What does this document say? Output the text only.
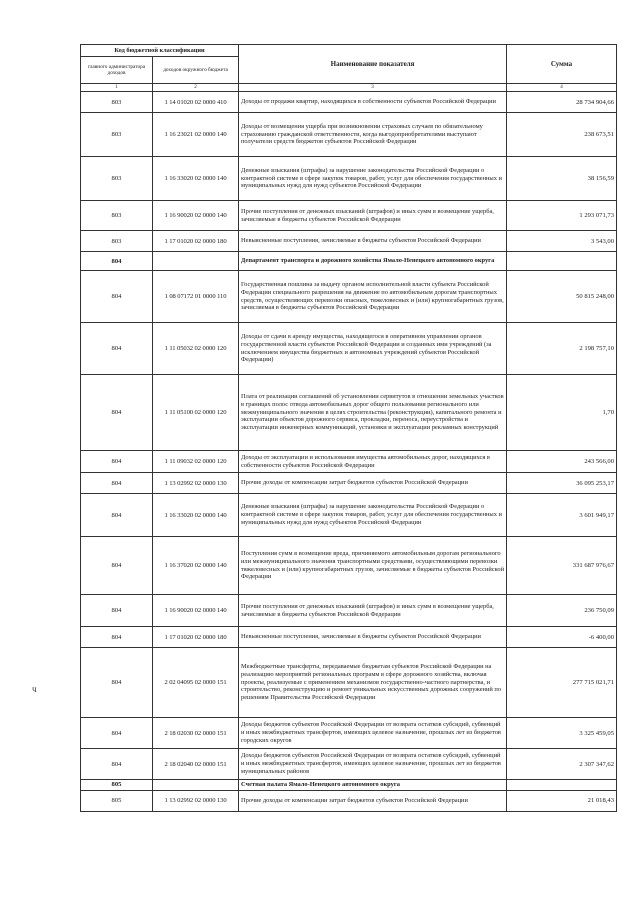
Код бюджетной классификации		Наименование показателя	Сумма
главного администратора доходов	доходов окружного бюджета		
1	2	3	4
803	1 14 01020 02 0000 410	Доходы от продажи квартир, находящихся в собственности субъектов Российской Федерации	28 734 904,66
803	1 16 23021 02 0000 140	Доходы от возмещения ущерба при возникновении страховых случаев по обязательному страхованию гражданской ответственности, когда выгодоприобретателями выступают получатели средств бюджетов субъектов Российской Федерации	238 673,51
803	1 16 33020 02 0000 140	Денежные взыскания (штрафы) за нарушение законодательства Российской Федерации о контрактной системе в сфере закупок товаров, работ, услуг для обеспечения государственных и муниципальных нужд для нужд субъектов Российской Федерации	38 156,59
803	1 16 90020 02 0000 140	Прочие поступления от денежных взысканий (штрафов) и иных сумм в возмещение ущерба, зачисляемые в бюджеты субъектов Российской Федерации	1 293 071,73
803	1 17 01020 02 0000 180	Невыясненные поступления, зачисляемые в бюджеты субъектов Российской Федерации	3 543,00
804		Департамент транспорта и дорожного хозяйства Ямало-Ненецкого автономного округа	
804	1 08 07172 01 0000 110	Государственная пошлина за выдачу органом исполнительной власти субъекта Российской Федерации специального разрешения на движение по автомобильным дорогам транспортных средств, осуществляющих перевозки опасных, тяжеловесных и (или) крупногабаритных грузов, зачисляемая в бюджеты субъектов Российской Федерации	50 815 248,00
804	1 11 05032 02 0000 120	Доходы от сдачи в аренду имущества, находящегося в оперативном управлении органов государственной власти субъектов Российской Федерации и созданных ими учреждений (за исключением имущества бюджетных и автономных учреждений субъектов Российской Федерации)	2 198 757,10
804	1 11 05100 02 0000 120	Плата от реализации соглашений об установлении сервитутов в отношении земельных участков в границах полос отвода автомобильных дорог общего пользования регионального или межмуниципального значения в целях строительства (реконструкции), капитального ремонта и эксплуатации объектов дорожного сервиса, прокладки, переноса, переустройства и эксплуатации инженерных коммуникаций, установки и эксплуатации рекламных конструкций	1,70
804	1 11 09032 02 0000 120	Доходы от эксплуатации и использования имущества автомобильных дорог, находящихся в собственности субъектов Российской Федерации	243 566,00
804	1 13 02992 02 0000 130	Прочие доходы от компенсации затрат бюджетов субъектов Российской Федерации	36 095 253,17
804	1 16 33020 02 0000 140	Денежные взыскания (штрафы) за нарушение законодательства Российской Федерации о контрактной системе в сфере закупок товаров, работ, услуг для обеспечения государственных и муниципальных нужд для нужд субъектов Российской Федерации	3 601 949,17
804	1 16 37020 02 0000 140	Поступления сумм в возмещение вреда, причиняемого автомобильным дорогам регионального или межмуниципального значения транспортными средствами, осуществляющими перевозки тяжеловесных и (или) крупногабаритных грузов, зачисляемые в бюджеты субъектов Российской Федерации	331 687 976,67
804	1 16 90020 02 0000 140	Прочие поступления от денежных взысканий (штрафов) и иных сумм в возмещение ущерба, зачисляемые в бюджеты субъектов Российской Федерации	236 750,09
804	1 17 01020 02 0000 180	Невыясненные поступления, зачисляемые в бюджеты субъектов Российской Федерации	-6 400,00
804	2 02 04095 02 0000 151	Межбюджетные трансферты, передаваемые бюджетам субъектов Российской Федерации на реализацию мероприятий региональных программ в сфере дорожного хозяйства, включая проекты, реализуемые с применением механизмов государственно-частного партнерства, и строительство, реконструкцию и ремонт уникальных искусственных дорожных сооружений по решениям Правительства Российской Федерации	277 715 021,71
804	2 18 02030 02 0000 151	Доходы бюджетов субъектов Российской Федерации от возврата остатков субсидий, субвенций и иных межбюджетных трансфертов, имеющих целевое назначение, прошлых лет из бюджетов городских округов	3 325 459,05
804	2 18 02040 02 0000 151	Доходы бюджетов субъектов Российской Федерации от возврата остатков субсидий, субвенций и иных межбюджетных трансфертов, имеющих целевое назначение, прошлых лет из бюджетов муниципальных районов	2 307 347,62
805		Счетная палата Ямало-Ненецкого автономного округа	
805	1 13 02992 02 0000 130	Прочие доходы от компенсации затрат бюджетов субъектов Российской Федерации	21 018,43
ч
